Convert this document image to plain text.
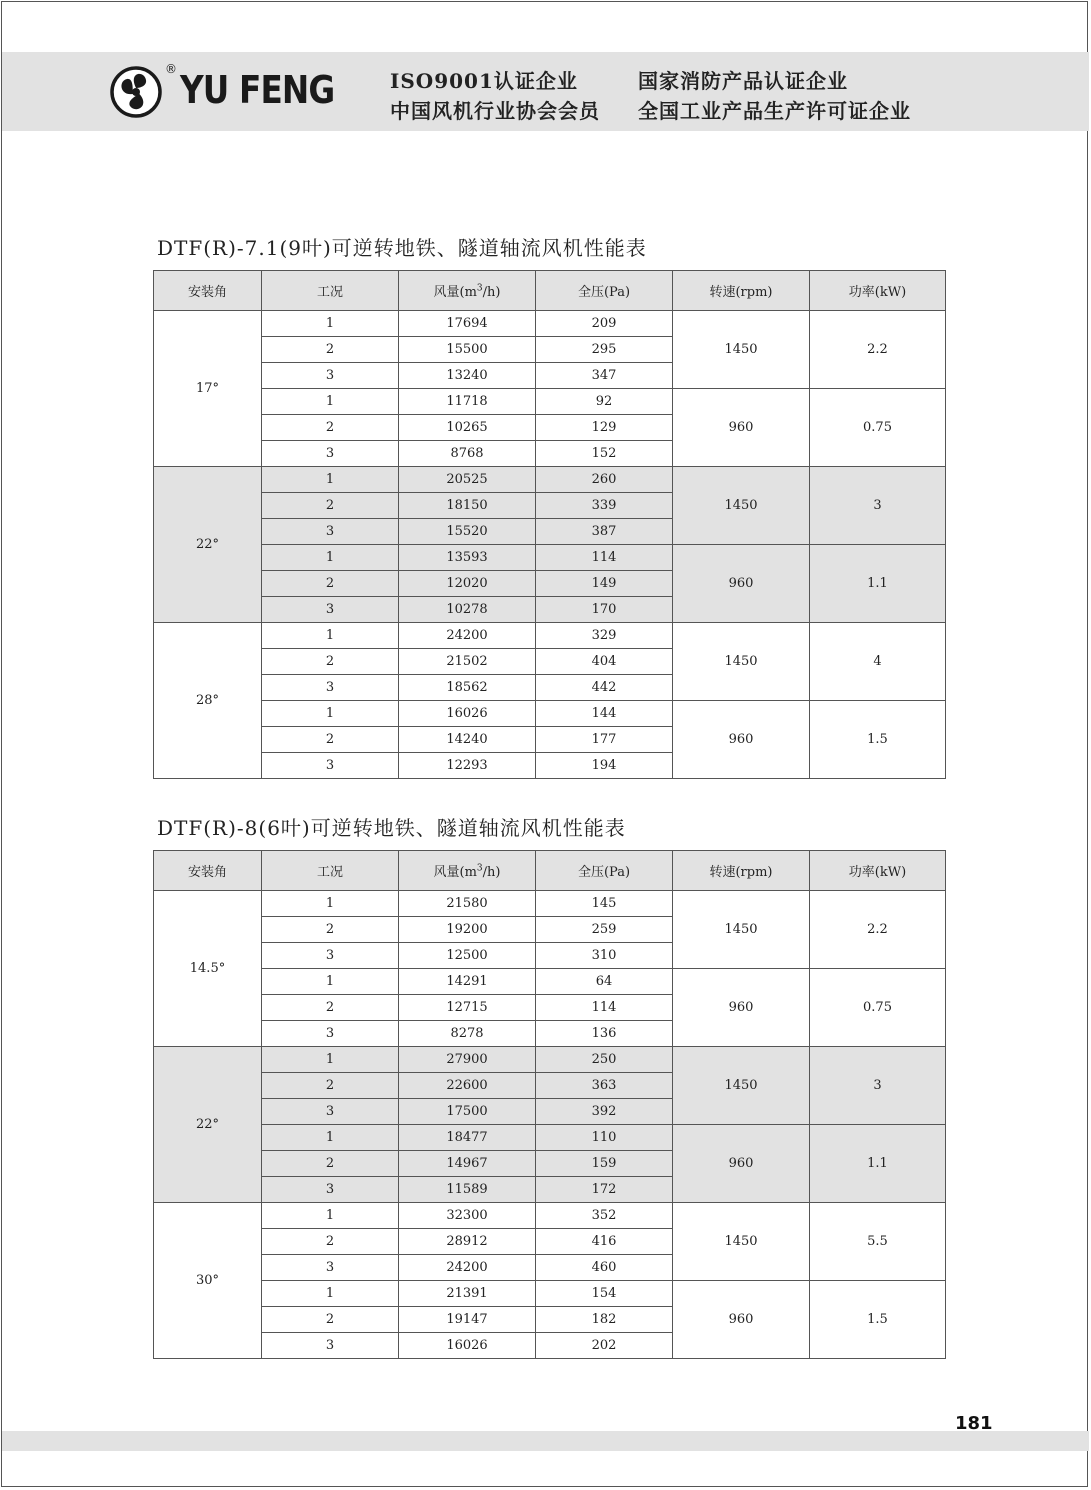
® YU FENG	ISO9001认证企业	国家消防产品认证企业
中国风机行业协会会员 全国工业产品生产许可证企业
DTF(R)-7.1(9叶)可逆转地铁、隧道轴流风机性能表
安装角	工况	风量$(m^3/h)$	全压(Pa)	转速(rpm)	功率(kW)
17°	1	17694	209	1450	2.2
	2	15500	295		
	3	13240	347		
	1	11718	92	960	0.75
	2	10265	129		
	3	8768	152		
22°	1	20525	260	1450	3
	2	18150	339		
	3	15520	387		
	1	13593	114	960	1.1
	2	12020	149		
	3	10278	170		
28°	1	24200	329	1450	4
	2	21502	404		
	3	18562	442		
	1	16026	144	960	1.5
	2	14240	177		
	3	12293	194		
DTF(R)-8(6叶)可逆转地铁、隧道轴流风机性能表
安装角	工况	风量$(m^3/h)$	全压(Pa)	转速(rpm)	功率(kW)
14.5°	1	21580	145	1450	2.2
	2	19200	259		
	3	12500	310		
	1	14291	64	960	0.75
	2	12715	114		
	3	8278	136		
22°	1	27900	250	1450	3
	2	22600	363		
	3	17500	392		
	1	18477	110	960	1.1
	2	14967	159		
	3	11589	172		
30°	1	32300	352	1450	5.5
	2	28912	416		
	3	24200	460		
	1	21391	154	960	1.5
	2	19147	182		
	3	16026	202		
181
